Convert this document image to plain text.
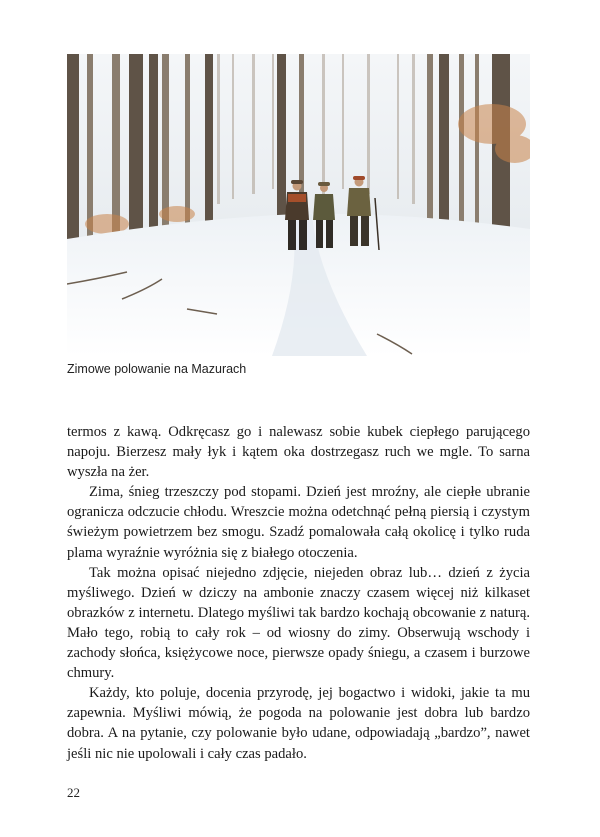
Zimowe polowanie na Mazurach

termos z kawą. Odkręcasz go i nalewasz sobie kubek ciepłego parującego napoju. Bierzesz mały łyk i kątem oka dostrzegasz ruch we mgle. To sarna wyszła na żer.

Zima, śnieg trzeszczy pod stopami. Dzień jest mroźny, ale ciepłe ubranie ogranicza odczucie chłodu. Wreszcie można odetchnąć pełną piersią i czystym świeżym powietrzem bez smogu. Szadź pomalowała całą okolicę i tylko ruda plama wyraźnie wyróżnia się z białego otoczenia.

Tak można opisać niejedno zdjęcie, niejeden obraz lub… dzień z życia myśliwego. Dzień w dziczy na ambonie znaczy czasem więcej niż kilkaset obrazków z internetu. Dlatego myśliwi tak bardzo kochają obcowanie z naturą. Mało tego, robią to cały rok – od wiosny do zimy. Obserwują wschody i zachody słońca, księżycowe noce, pierwsze opady śniegu, a czasem i burzowe chmury.

Każdy, kto poluje, docenia przyrodę, jej bogactwo i widoki, jakie ta mu zapewnia. Myśliwi mówią, że pogoda na polowanie jest dobra lub bardzo dobra. A na pytanie, czy polowanie było udane, odpowiadają „bardzo”, nawet jeśli nic nie upolowali i cały czas padało.

22
